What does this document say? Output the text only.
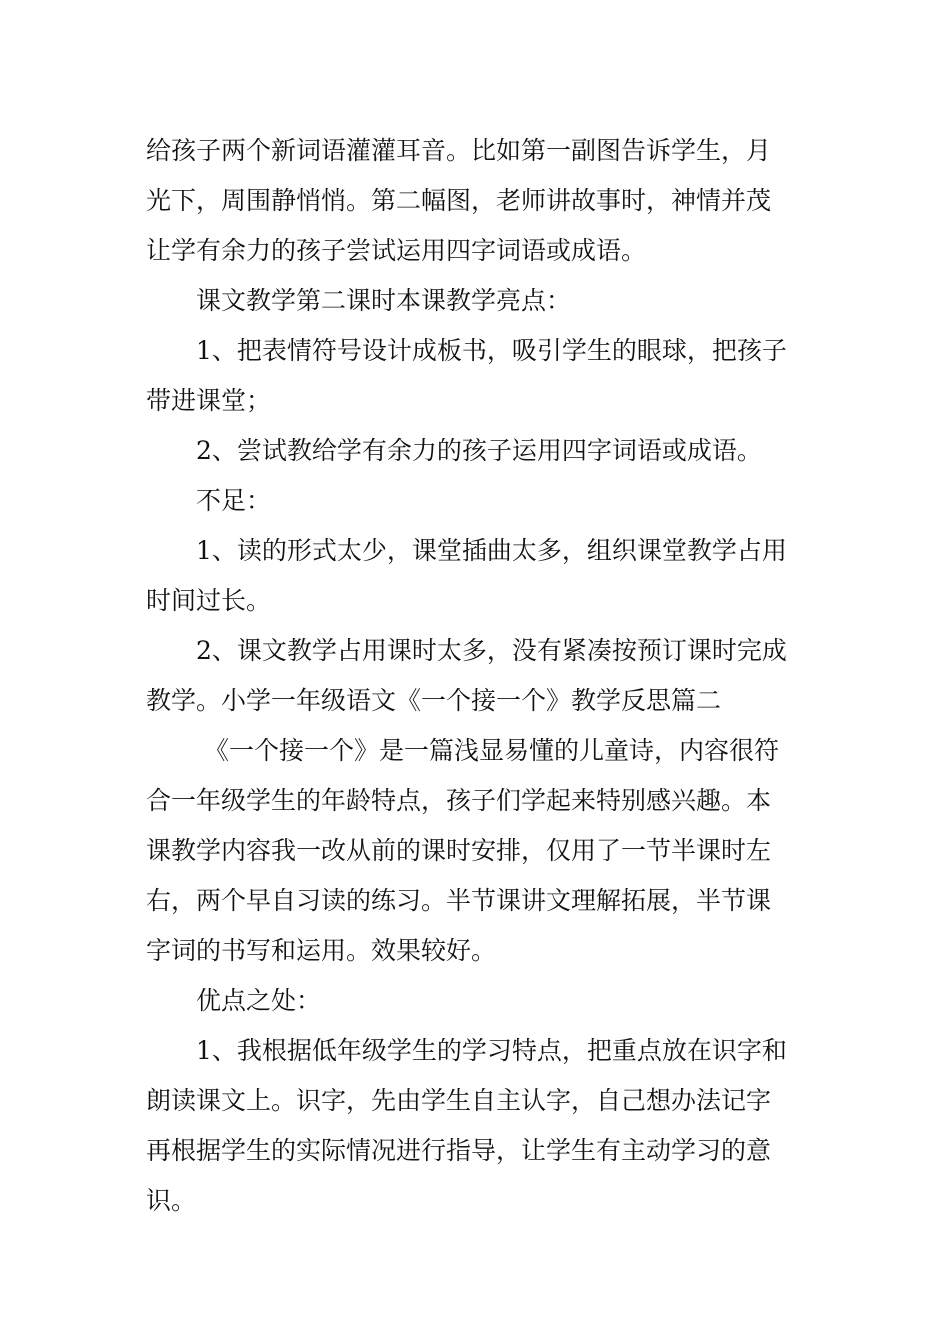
给孩子两个新词语灌灌耳音。比如第一副图告诉学生，月
光下，周围静悄悄。第二幅图，老师讲故事时，神情并茂
让学有余力的孩子尝试运用四字词语或成语。
课文教学第二课时本课教学亮点：
1、把表情符号设计成板书，吸引学生的眼球，把孩子
带进课堂；
2、尝试教给学有余力的孩子运用四字词语或成语。
不足：
1、读的形式太少，课堂插曲太多，组织课堂教学占用
时间过长。
2、课文教学占用课时太多，没有紧凑按预订课时完成
教学。小学一年级语文《一个接一个》教学反思篇二
《一个接一个》是一篇浅显易懂的儿童诗，内容很符
合一年级学生的年龄特点，孩子们学起来特别感兴趣。本
课教学内容我一改从前的课时安排，仅用了一节半课时左
右，两个早自习读的练习。半节课讲文理解拓展，半节课
字词的书写和运用。效果较好。
优点之处：
1、我根据低年级学生的学习特点，把重点放在识字和
朗读课文上。识字，先由学生自主认字，自己想办法记字
再根据学生的实际情况进行指导，让学生有主动学习的意
识。
